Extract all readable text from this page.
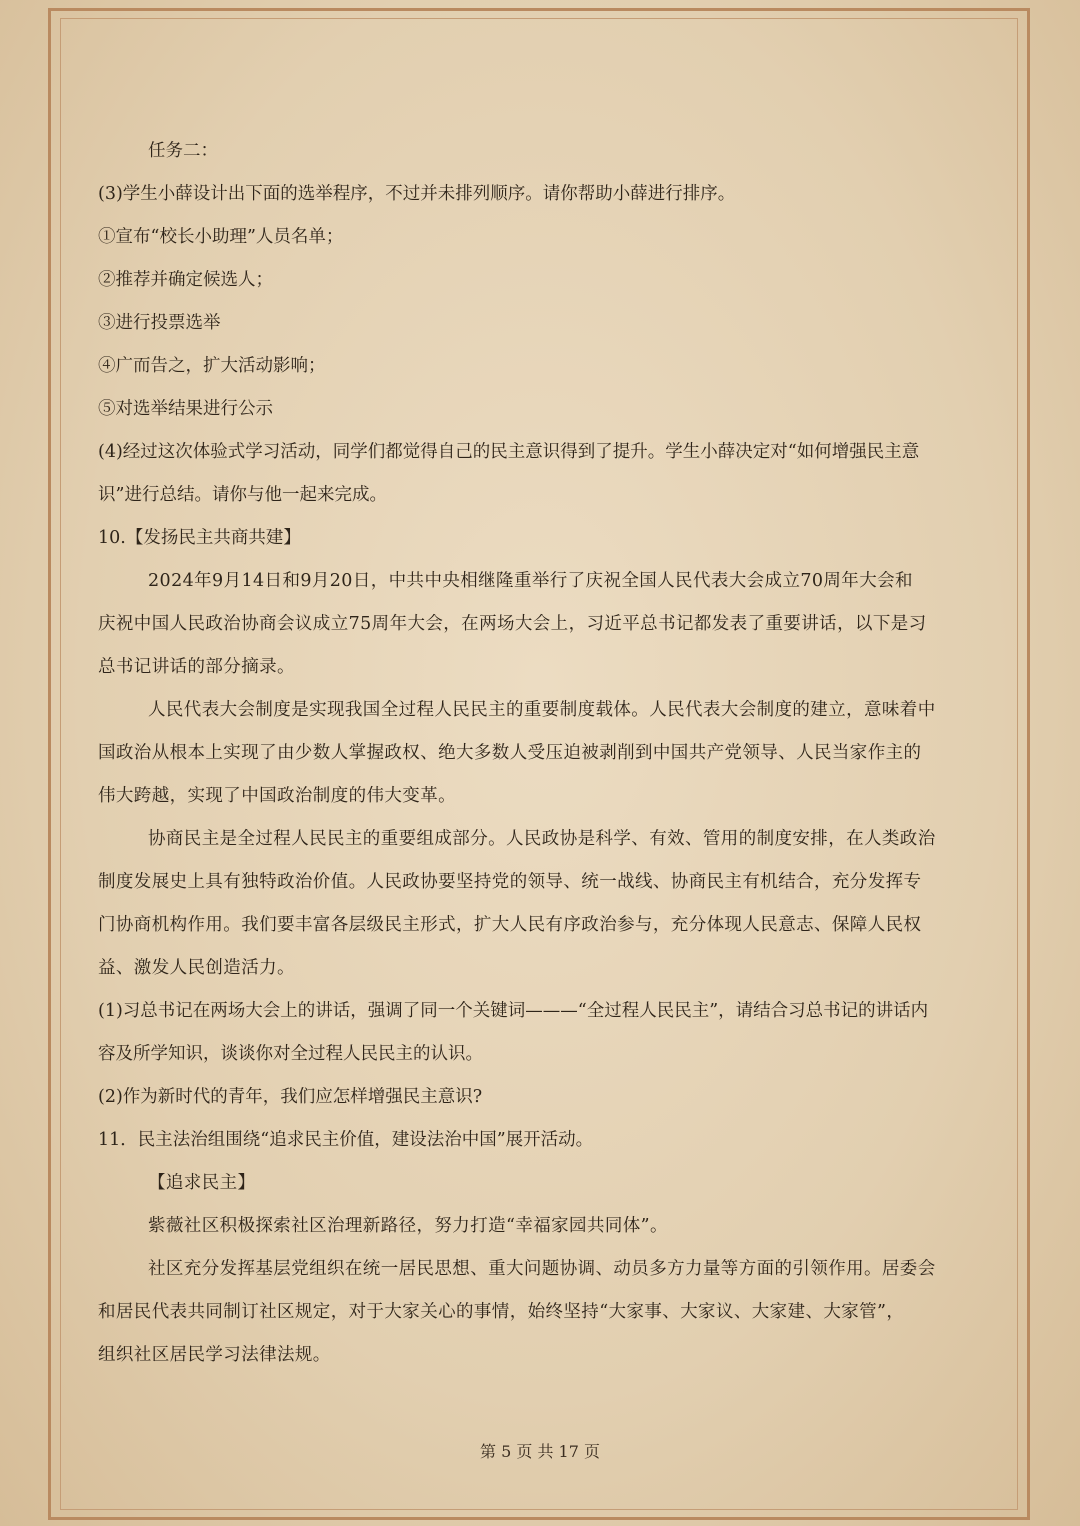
任务二：
(3)学生小薛设计出下面的选举程序，不过并未排列顺序。请你帮助小薛进行排序。
①宣布“校长小助理”人员名单；
②推荐并确定候选人；
③进行投票选举
④广而告之，扩大活动影响；
⑤对选举结果进行公示
(4)经过这次体验式学习活动，同学们都觉得自己的民主意识得到了提升。学生小薛决定对“如何增强民主意
识”进行总结。请你与他一起来完成。
10.【发扬民主共商共建】
2024年9月14日和9月20日，中共中央相继隆重举行了庆祝全国人民代表大会成立70周年大会和
庆祝中国人民政治协商会议成立75周年大会，在两场大会上，习近平总书记都发表了重要讲话，以下是习
总书记讲话的部分摘录。
人民代表大会制度是实现我国全过程人民民主的重要制度载体。人民代表大会制度的建立，意味着中
国政治从根本上实现了由少数人掌握政权、绝大多数人受压迫被剥削到中国共产党领导、人民当家作主的
伟大跨越，实现了中国政治制度的伟大变革。
协商民主是全过程人民民主的重要组成部分。人民政协是科学、有效、管用的制度安排，在人类政治
制度发展史上具有独特政治价值。人民政协要坚持党的领导、统一战线、协商民主有机结合，充分发挥专
门协商机构作用。我们要丰富各层级民主形式，扩大人民有序政治参与，充分体现人民意志、保障人民权
益、激发人民创造活力。
(1)习总书记在两场大会上的讲话，强调了同一个关键词———“全过程人民民主”，请结合习总书记的讲话内
容及所学知识，谈谈你对全过程人民民主的认识。
(2)作为新时代的青年，我们应怎样增强民主意识?
11．民主法治组围绕“追求民主价值，建设法治中国”展开活动。
【追求民主】
紫薇社区积极探索社区治理新路径，努力打造“幸福家园共同体”。
社区充分发挥基层党组织在统一居民思想、重大问题协调、动员多方力量等方面的引领作用。居委会
和居民代表共同制订社区规定，对于大家关心的事情，始终坚持“大家事、大家议、大家建、大家管”，
组织社区居民学习法律法规。
第 5 页 共 17 页
